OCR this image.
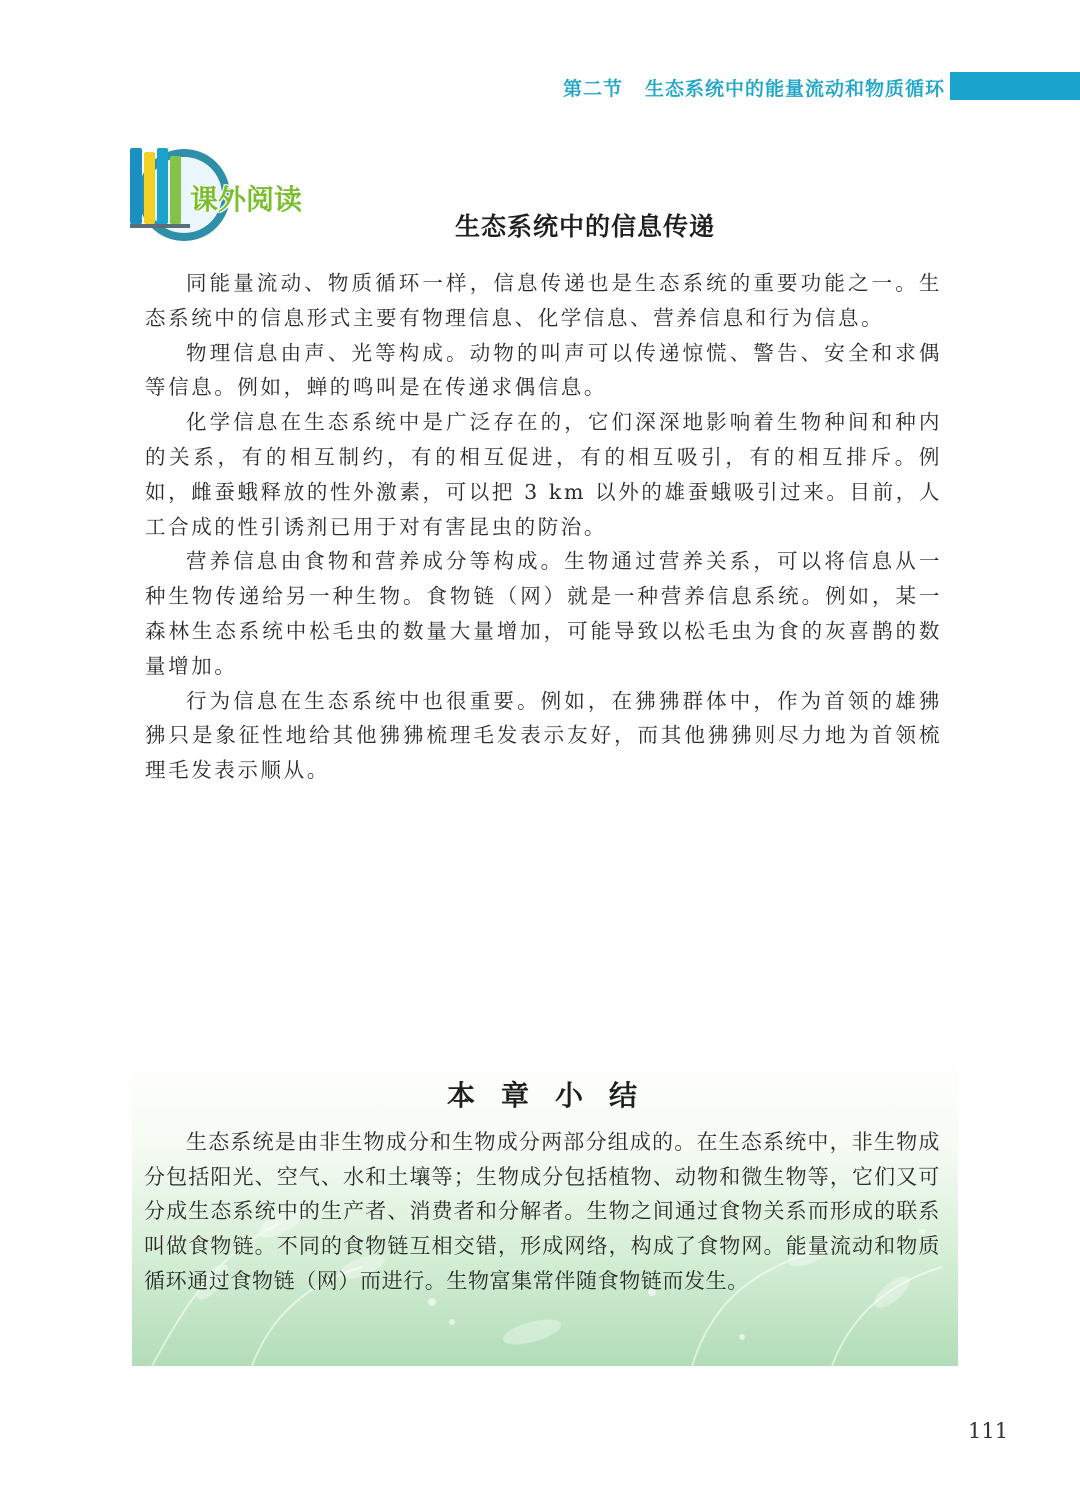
第二节 生态系统中的能量流动和物质循环
课外阅读
生态系统中的信息传递

同能量流动、物质循环一样，信息传递也是生态系统的重要功能之一。生态系统中的信息形式主要有物理信息、化学信息、营养信息和行为信息。

物理信息由声、光等构成。动物的叫声可以传递惊慌、警告、安全和求偶等信息。例如，蝉的鸣叫是在传递求偶信息。

化学信息在生态系统中是广泛存在的，它们深深地影响着生物种间和种内的关系，有的相互制约，有的相互促进，有的相互吸引，有的相互排斥。例如，雌蚕蛾释放的性外激素，可以把 3 km 以外的雄蚕蛾吸引过来。目前，人工合成的性引诱剂已用于对有害昆虫的防治。

营养信息由食物和营养成分等构成。生物通过营养关系，可以将信息从一种生物传递给另一种生物。食物链（网）就是一种营养信息系统。例如，某一森林生态系统中松毛虫的数量大量增加，可能导致以松毛虫为食的灰喜鹊的数量增加。

行为信息在生态系统中也很重要。例如，在狒狒群体中，作为首领的雄狒狒只是象征性地给其他狒狒梳理毛发表示友好，而其他狒狒则尽力地为首领梳理毛发表示顺从。

本章小结

生态系统是由非生物成分和生物成分两部分组成的。在生态系统中，非生物成分包括阳光、空气、水和土壤等；生物成分包括植物、动物和微生物等，它们又可分成生态系统中的生产者、消费者和分解者。生物之间通过食物关系而形成的联系叫做食物链。不同的食物链互相交错，形成网络，构成了食物网。能量流动和物质循环通过食物链（网）而进行。生物富集常伴随食物链而发生。

111
